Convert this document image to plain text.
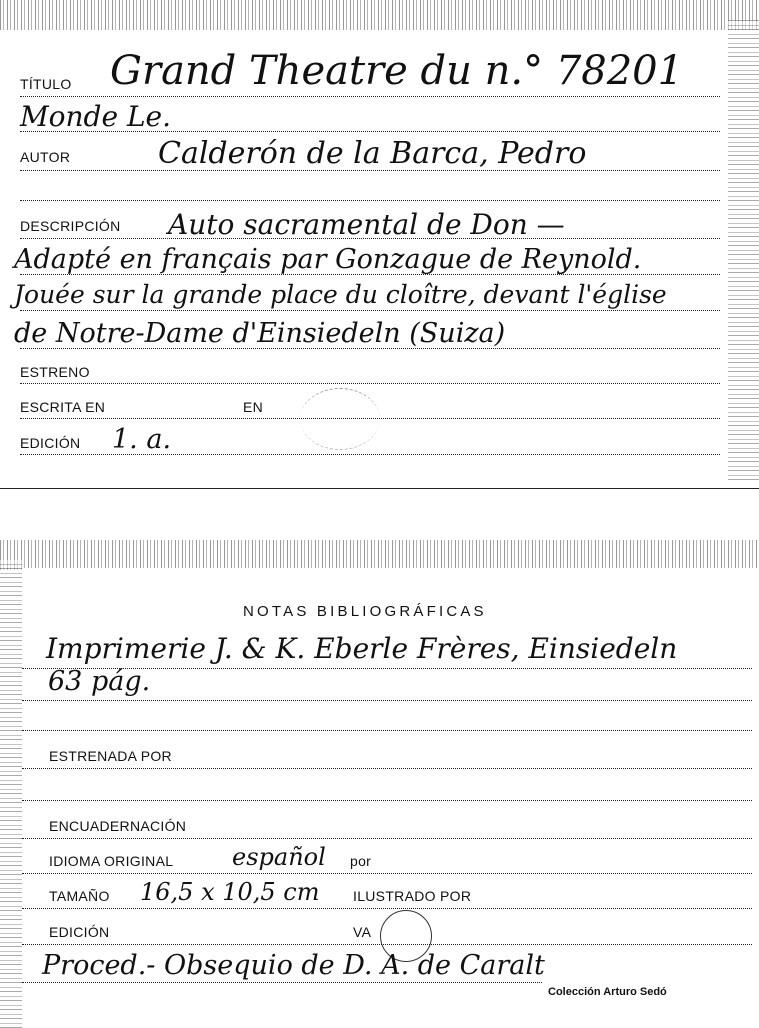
TÍTULO Grand Theatre du n.° 78201
Monde Le.
AUTOR	Calderón de la Barca, Pedro
DESCRIPCIÓN Auto sacramental de Don —
Adapté en français par Gonzague de Reynold.
Jouée sur la grande place du cloître, devant l'église
de Notre-Dame d'Einsiedeln (Suiza)
ESTRENO
ESCRITA EN	EN
EDICIÓN 1. a.
NOTAS BIBLIOGRÁFICAS
Imprimerie J. & K. Eberle Frères, Einsiedeln
63 pág.
ESTRENADA POR
ENCUADERNACIÓN
IDIOMA ORIGINAL español por
TAMAÑO 16,5 x 10,5 cm ILUSTRADO POR
EDICIÓN	VA
Proced.- Obsequio de D. A. de Caralt
Colección Arturo Sedó
